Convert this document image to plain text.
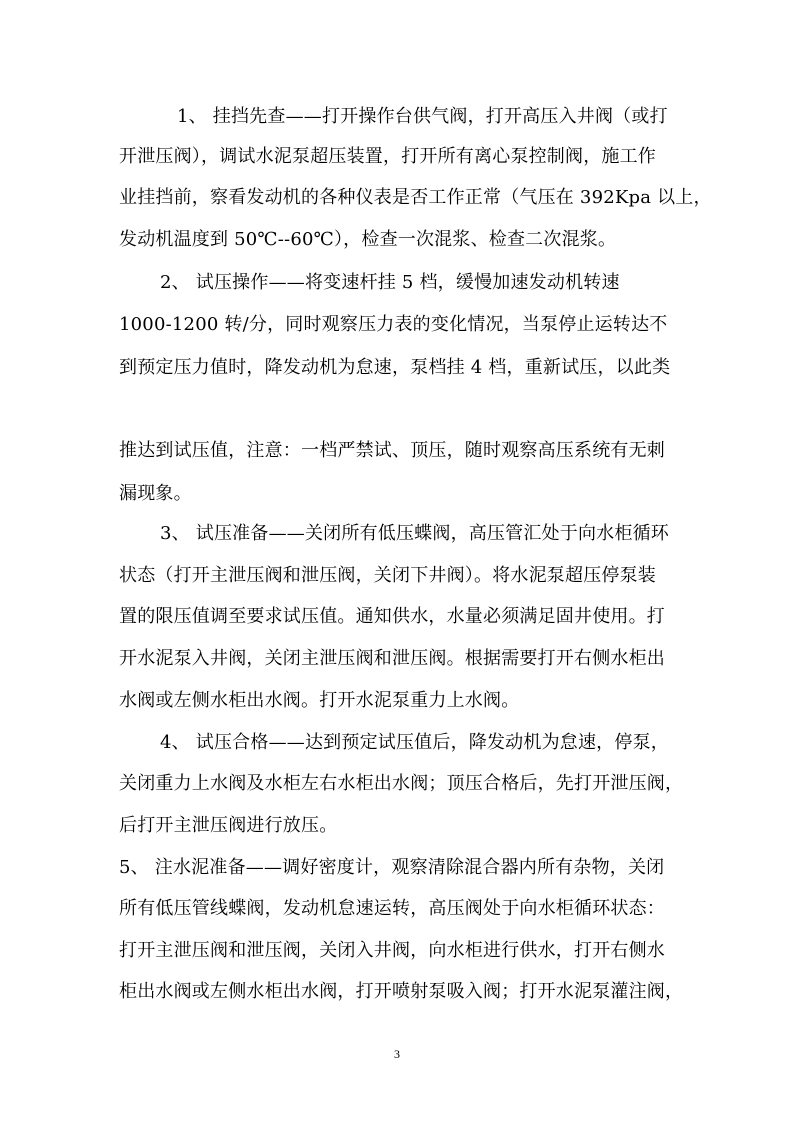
1、 挂挡先查——打开操作台供气阀，打开高压入井阀（或打
开泄压阀），调试水泥泵超压装置，打开所有离心泵控制阀，施工作
业挂挡前，察看发动机的各种仪表是否工作正常（气压在 392Kpa 以上，
发动机温度到 50℃--60℃），检查一次混浆、检查二次混浆。
2、 试压操作——将变速杆挂 5 档，缓慢加速发动机转速
1000-1200 转/分，同时观察压力表的变化情况，当泵停止运转达不
到预定压力值时，降发动机为怠速，泵档挂 4 档，重新试压，以此类
推达到试压值，注意：一档严禁试、顶压，随时观察高压系统有无刺
漏现象。
3、 试压准备——关闭所有低压蝶阀，高压管汇处于向水柜循环
状态（打开主泄压阀和泄压阀，关闭下井阀）。将水泥泵超压停泵装
置的限压值调至要求试压值。通知供水，水量必须满足固井使用。打
开水泥泵入井阀，关闭主泄压阀和泄压阀。根据需要打开右侧水柜出
水阀或左侧水柜出水阀。打开水泥泵重力上水阀。
4、 试压合格——达到预定试压值后，降发动机为怠速，停泵，
关闭重力上水阀及水柜左右水柜出水阀；顶压合格后，先打开泄压阀，
后打开主泄压阀进行放压。
5、 注水泥准备——调好密度计，观察清除混合器内所有杂物，关闭
所有低压管线蝶阀，发动机怠速运转，高压阀处于向水柜循环状态：
打开主泄压阀和泄压阀，关闭入井阀，向水柜进行供水，打开右侧水
柜出水阀或左侧水柜出水阀，打开喷射泵吸入阀；打开水泥泵灌注阀，
3
